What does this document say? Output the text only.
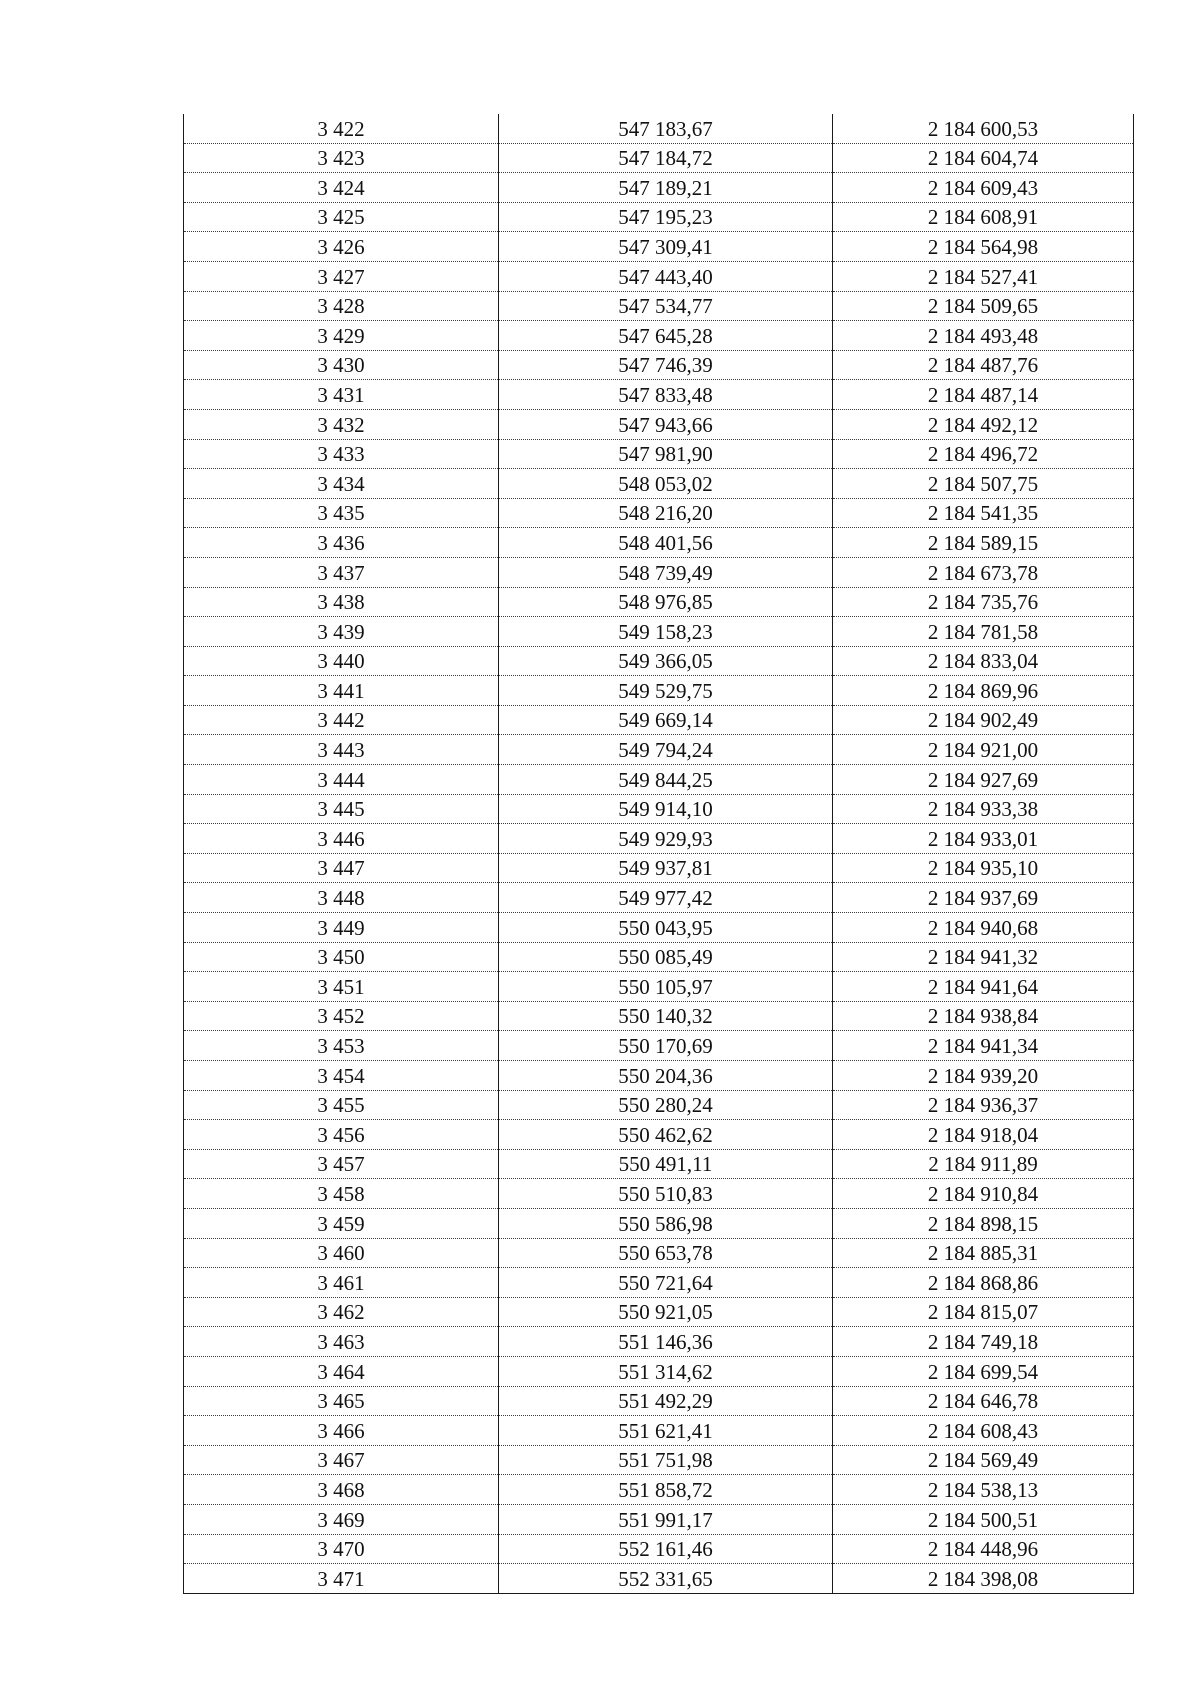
3 422	547 183,67	2 184 600,53
3 423	547 184,72	2 184 604,74
3 424	547 189,21	2 184 609,43
3 425	547 195,23	2 184 608,91
3 426	547 309,41	2 184 564,98
3 427	547 443,40	2 184 527,41
3 428	547 534,77	2 184 509,65
3 429	547 645,28	2 184 493,48
3 430	547 746,39	2 184 487,76
3 431	547 833,48	2 184 487,14
3 432	547 943,66	2 184 492,12
3 433	547 981,90	2 184 496,72
3 434	548 053,02	2 184 507,75
3 435	548 216,20	2 184 541,35
3 436	548 401,56	2 184 589,15
3 437	548 739,49	2 184 673,78
3 438	548 976,85	2 184 735,76
3 439	549 158,23	2 184 781,58
3 440	549 366,05	2 184 833,04
3 441	549 529,75	2 184 869,96
3 442	549 669,14	2 184 902,49
3 443	549 794,24	2 184 921,00
3 444	549 844,25	2 184 927,69
3 445	549 914,10	2 184 933,38
3 446	549 929,93	2 184 933,01
3 447	549 937,81	2 184 935,10
3 448	549 977,42	2 184 937,69
3 449	550 043,95	2 184 940,68
3 450	550 085,49	2 184 941,32
3 451	550 105,97	2 184 941,64
3 452	550 140,32	2 184 938,84
3 453	550 170,69	2 184 941,34
3 454	550 204,36	2 184 939,20
3 455	550 280,24	2 184 936,37
3 456	550 462,62	2 184 918,04
3 457	550 491,11	2 184 911,89
3 458	550 510,83	2 184 910,84
3 459	550 586,98	2 184 898,15
3 460	550 653,78	2 184 885,31
3 461	550 721,64	2 184 868,86
3 462	550 921,05	2 184 815,07
3 463	551 146,36	2 184 749,18
3 464	551 314,62	2 184 699,54
3 465	551 492,29	2 184 646,78
3 466	551 621,41	2 184 608,43
3 467	551 751,98	2 184 569,49
3 468	551 858,72	2 184 538,13
3 469	551 991,17	2 184 500,51
3 470	552 161,46	2 184 448,96
3 471	552 331,65	2 184 398,08
